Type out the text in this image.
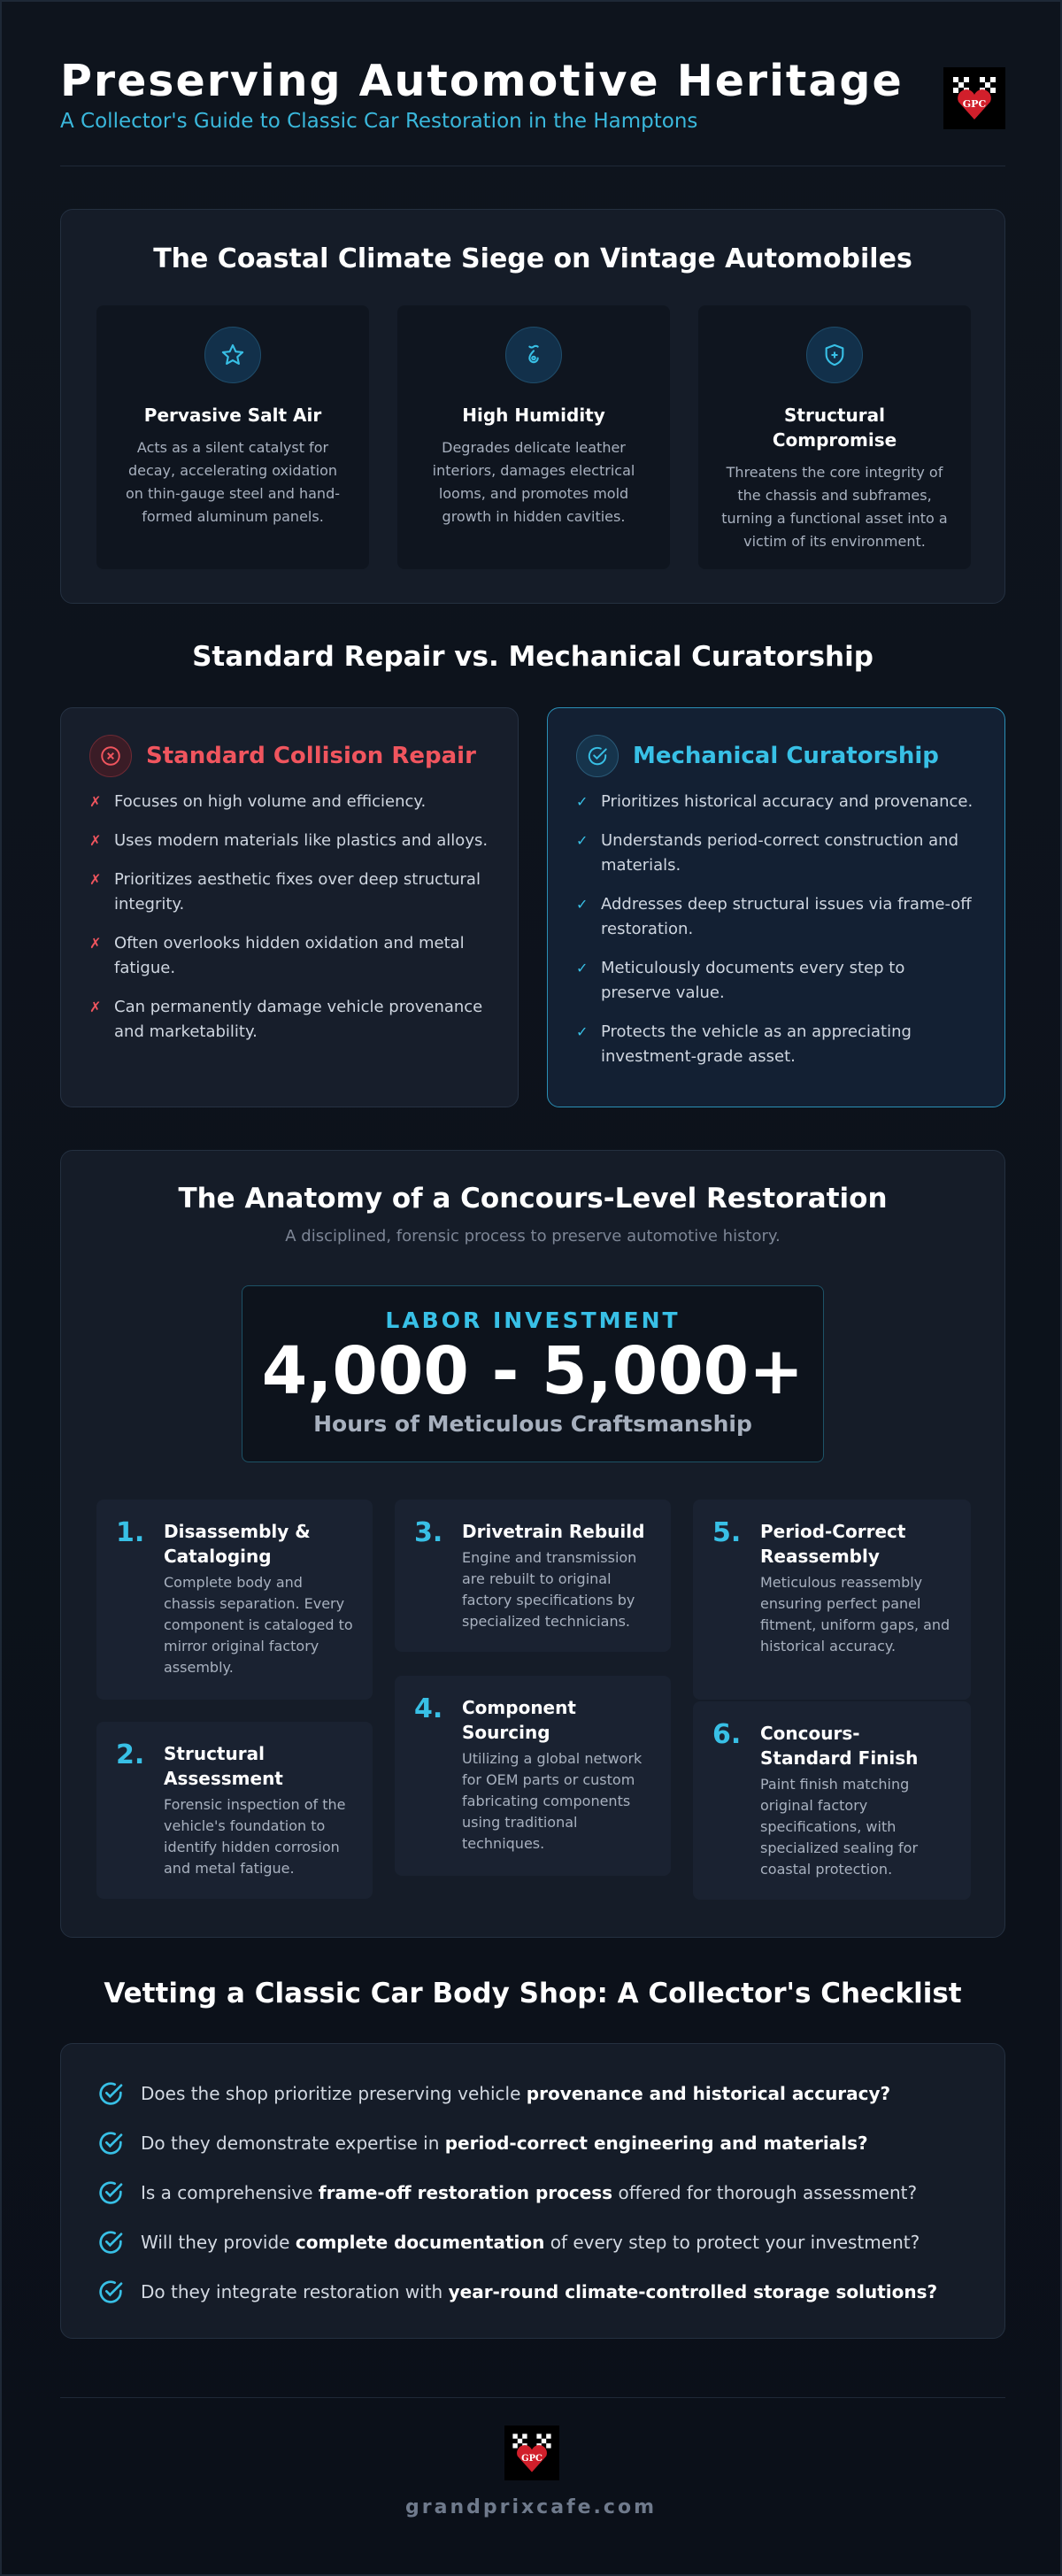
Preserving Automotive Heritage
A Collector's Guide to Classic Car Restoration in the Hamptons
GPC
The Coastal Climate Siege on Vintage Automobiles
Pervasive Salt Air

Acts as a silent catalyst for decay, accelerating oxidation on thin-gauge steel and hand-formed aluminum panels.

High Humidity

Degrades delicate leather interiors, damages electrical looms, and promotes mold growth in hidden cavities.

Structural Compromise

Threatens the core integrity of the chassis and subframes, turning a functional asset into a victim of its environment.

Standard Repair vs. Mechanical Curatorship
Standard Collision Repair
✗ Focuses on high volume and efficiency.
✗ Uses modern materials like plastics and alloys.
✗ Prioritizes aesthetic fixes over deep structural integrity.
✗ Often overlooks hidden oxidation and metal fatigue.
✗ Can permanently damage vehicle provenance and marketability.
Mechanical Curatorship
✓ Prioritizes historical accuracy and provenance.
✓ Understands period-correct construction and materials.
✓ Addresses deep structural issues via frame-off restoration.
✓ Meticulously documents every step to preserve value.
✓ Protects the vehicle as an appreciating investment-grade asset.
The Anatomy of a Concours-Level Restoration
A disciplined, forensic process to preserve automotive history.
LABOR INVESTMENT
4,000 - 5,000+
Hours of Meticulous Craftsmanship
1. Disassembly & Cataloging

Complete body and chassis separation. Every component is cataloged to mirror original factory assembly.

2. Structural Assessment

Forensic inspection of the vehicle's foundation to identify hidden corrosion and metal fatigue.

3. Drivetrain Rebuild

Engine and transmission are rebuilt to original factory specifications by specialized technicians.

4. Component Sourcing

Utilizing a global network for OEM parts or custom fabricating components using traditional techniques.

5. Period-Correct Reassembly

Meticulous reassembly ensuring perfect panel fitment, uniform gaps, and historical accuracy.

6. Concours-Standard Finish

Paint finish matching original factory specifications, with specialized sealing for coastal protection.

Vetting a Classic Car Body Shop: A Collector's Checklist
Does the shop prioritize preserving vehicle provenance and historical accuracy?
Do they demonstrate expertise in period-correct engineering and materials?
Is a comprehensive frame-off restoration process offered for thorough assessment?
Will they provide complete documentation of every step to protect your investment?
Do they integrate restoration with year-round climate-controlled storage solutions?
GPC
grandprixcafe.com
